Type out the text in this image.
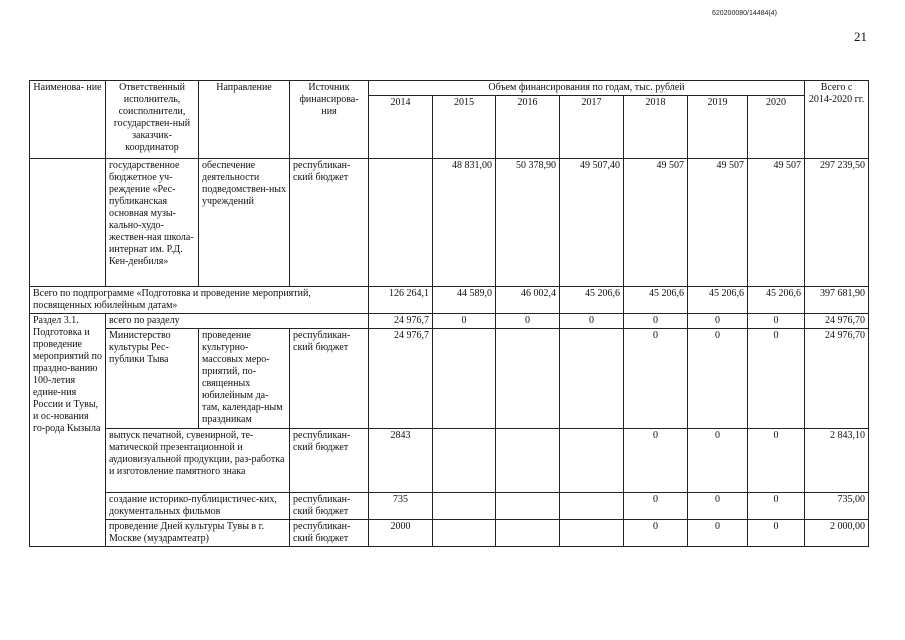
620200080/14484(4)
21
Наименова- ние	Ответственный исполнитель, соисполнители, государствен-ный заказчик-координатор	Направление	Источник финансирова-ния	Объем финансирования по годам, тыс. рублей							Всего с 2014-2020 гг.
				2014	2015	2016	2017	2018	2019	2020	
	государственное бюджетное уч-реждение «Рес-публиканская основная музы-кально-худо-жествен-ная школа-интернат им. Р.Д. Кен-денбиля»	обеспечение деятельности подведомствен-ных учреждений	республикан-ский бюджет		48 831,00	50 378,90	49 507,40	49 507	49 507	49 507	297 239,50
Всего по подпрограмме «Подготовка и проведение мероприятий, посвященных юбилейным датам»				126 264,1	44 589,0	46 002,4	45 206,6	45 206,6	45 206,6	45 206,6	397 681,90
Раздел 3.1. Подготовка и проведение мероприятий по праздно-ванию 100-летия едине-ния России и Тувы, и ос-нования го-рода Кызыла	всего по разделу			24 976,7	0	0	0	0	0	0	24 976,70
	Министерство культуры Рес-публики Тыва	проведение культурно-массовых меро-приятий, по-священных юбилейным да-там, календар-ным праздникам	республикан-ский бюджет	24 976,7				0	0	0	24 976,70
	выпуск печатной, сувенирной, те-матической презентационной и аудиовизуальной продукции, раз-работка и изготовление памятного знака		республикан-ский бюджет	2843				0	0	0	2 843,10
	создание историко-публицистичес-ких, документальных фильмов		республикан-ский бюджет	735				0	0	0	735,00
	проведение Дней культуры Тувы в г. Москве (муздрамтеатр)		республикан-ский бюджет	2000				0	0	0	2 000,00
